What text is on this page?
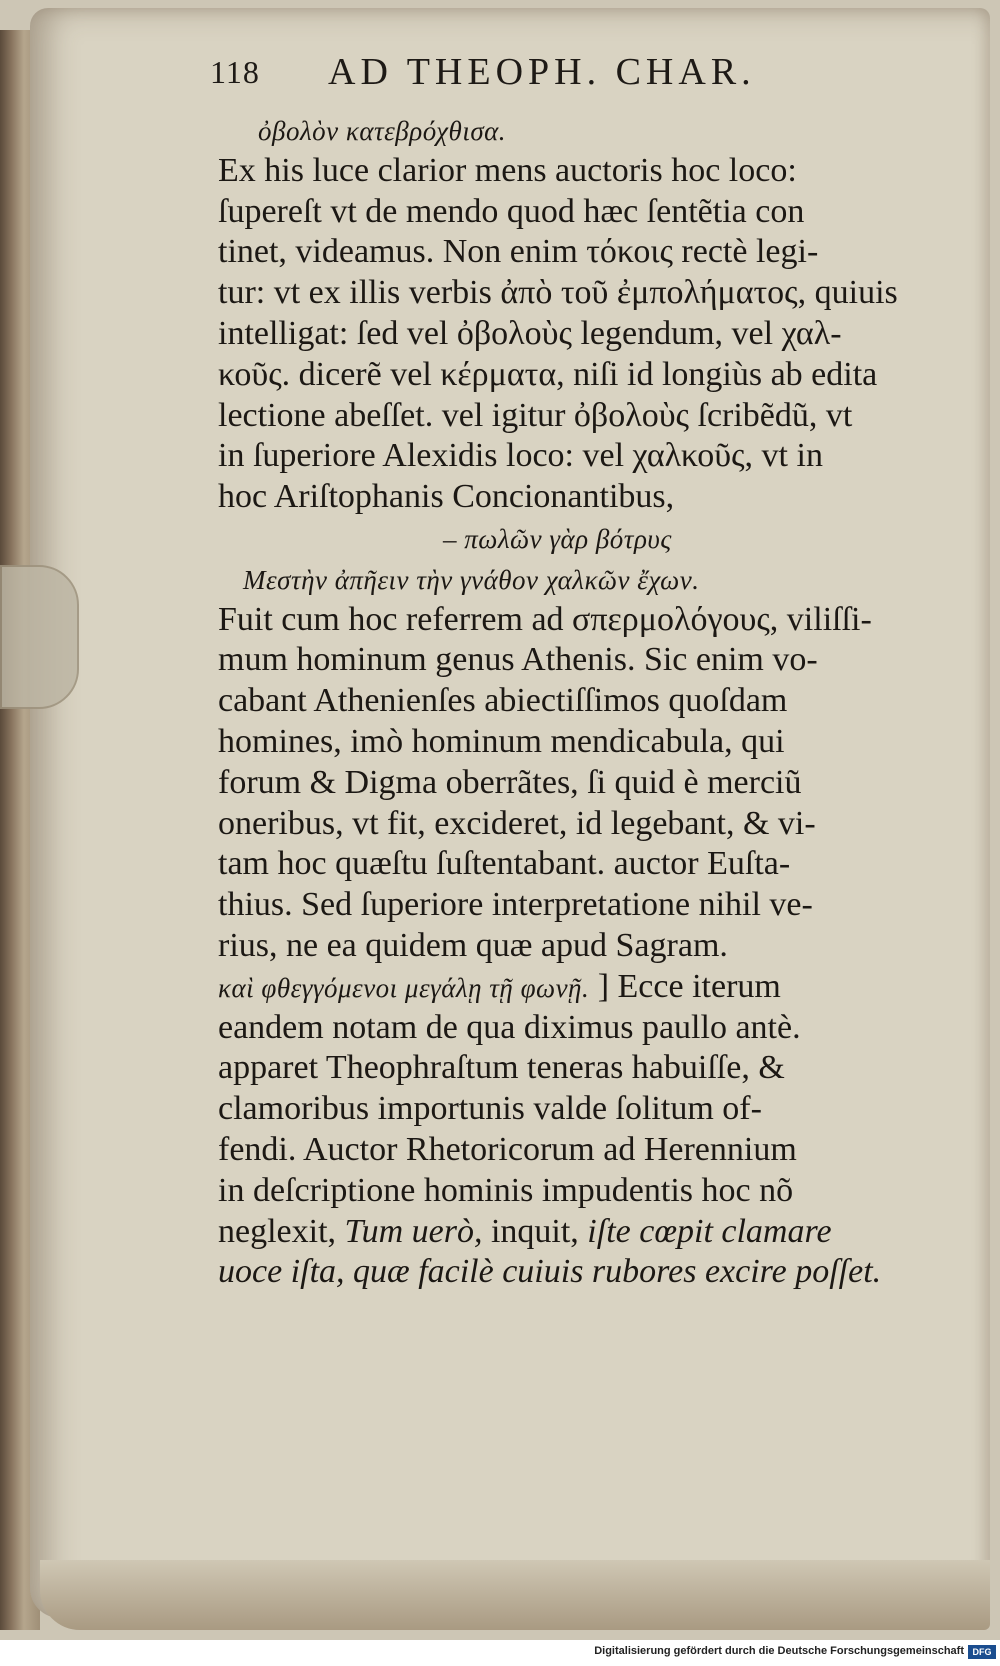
118 AD THEOPH. CHAR.
ὀβολὸν κατεβρόχθισα.
Ex his luce clarior mens auctoris hoc loco:
ſupereſt vt de mendo quod hæc ſentẽtia con
tinet, videamus. Non enim τόκοις rectè legi-
tur: vt ex illis verbis ἀπὸ τοῦ ἐμπολήματος, quiuis
intelligat: ſed vel ὀβολοὺς legendum, vel χαλ-
κοῦς. dicerẽ vel κέρματα, niſi id longiùs ab edita
lectione abeſſet. vel igitur ὀβολοὺς ſcribẽdũ, vt
in ſuperiore Alexidis loco: vel χαλκοῦς, vt in
hoc Ariſtophanis Concionantibus,
– πωλῶν γὰρ βότρυς
Μεστὴν ἀπῆειν τὴν γνάθον χαλκῶν ἔχων.
Fuit cum hoc referrem ad σπερμολόγους, viliſſi-
mum hominum genus Athenis. Sic enim vo-
cabant Athenienſes abiectiſſimos quoſdam
homines, imò hominum mendicabula, qui
forum & Digma oberrãtes, ſi quid è merciũ
oneribus, vt fit, excideret, id legebant, & vi-
tam hoc quæſtu ſuſtentabant. auctor Euſta-
thius. Sed ſuperiore interpretatione nihil ve-
rius, ne ea quidem quæ apud Sagram.
καὶ φθεγγόμενοι μεγάλῃ τῇ φωνῇ. ] Ecce iterum
eandem notam de qua diximus paullo antè.
apparet Theophraſtum teneras habuiſſe, &
clamoribus importunis valde ſolitum of-
fendi. Auctor Rhetoricorum ad Herennium
in deſcriptione hominis impudentis hoc nõ
neglexit, Tum uerò, inquit, iſte cœpit clamare
uoce iſta, quæ facilè cuiuis rubores excire poſſet.
Digitalisierung gefördert durch die Deutsche Forschungsgemeinschaft DFG
